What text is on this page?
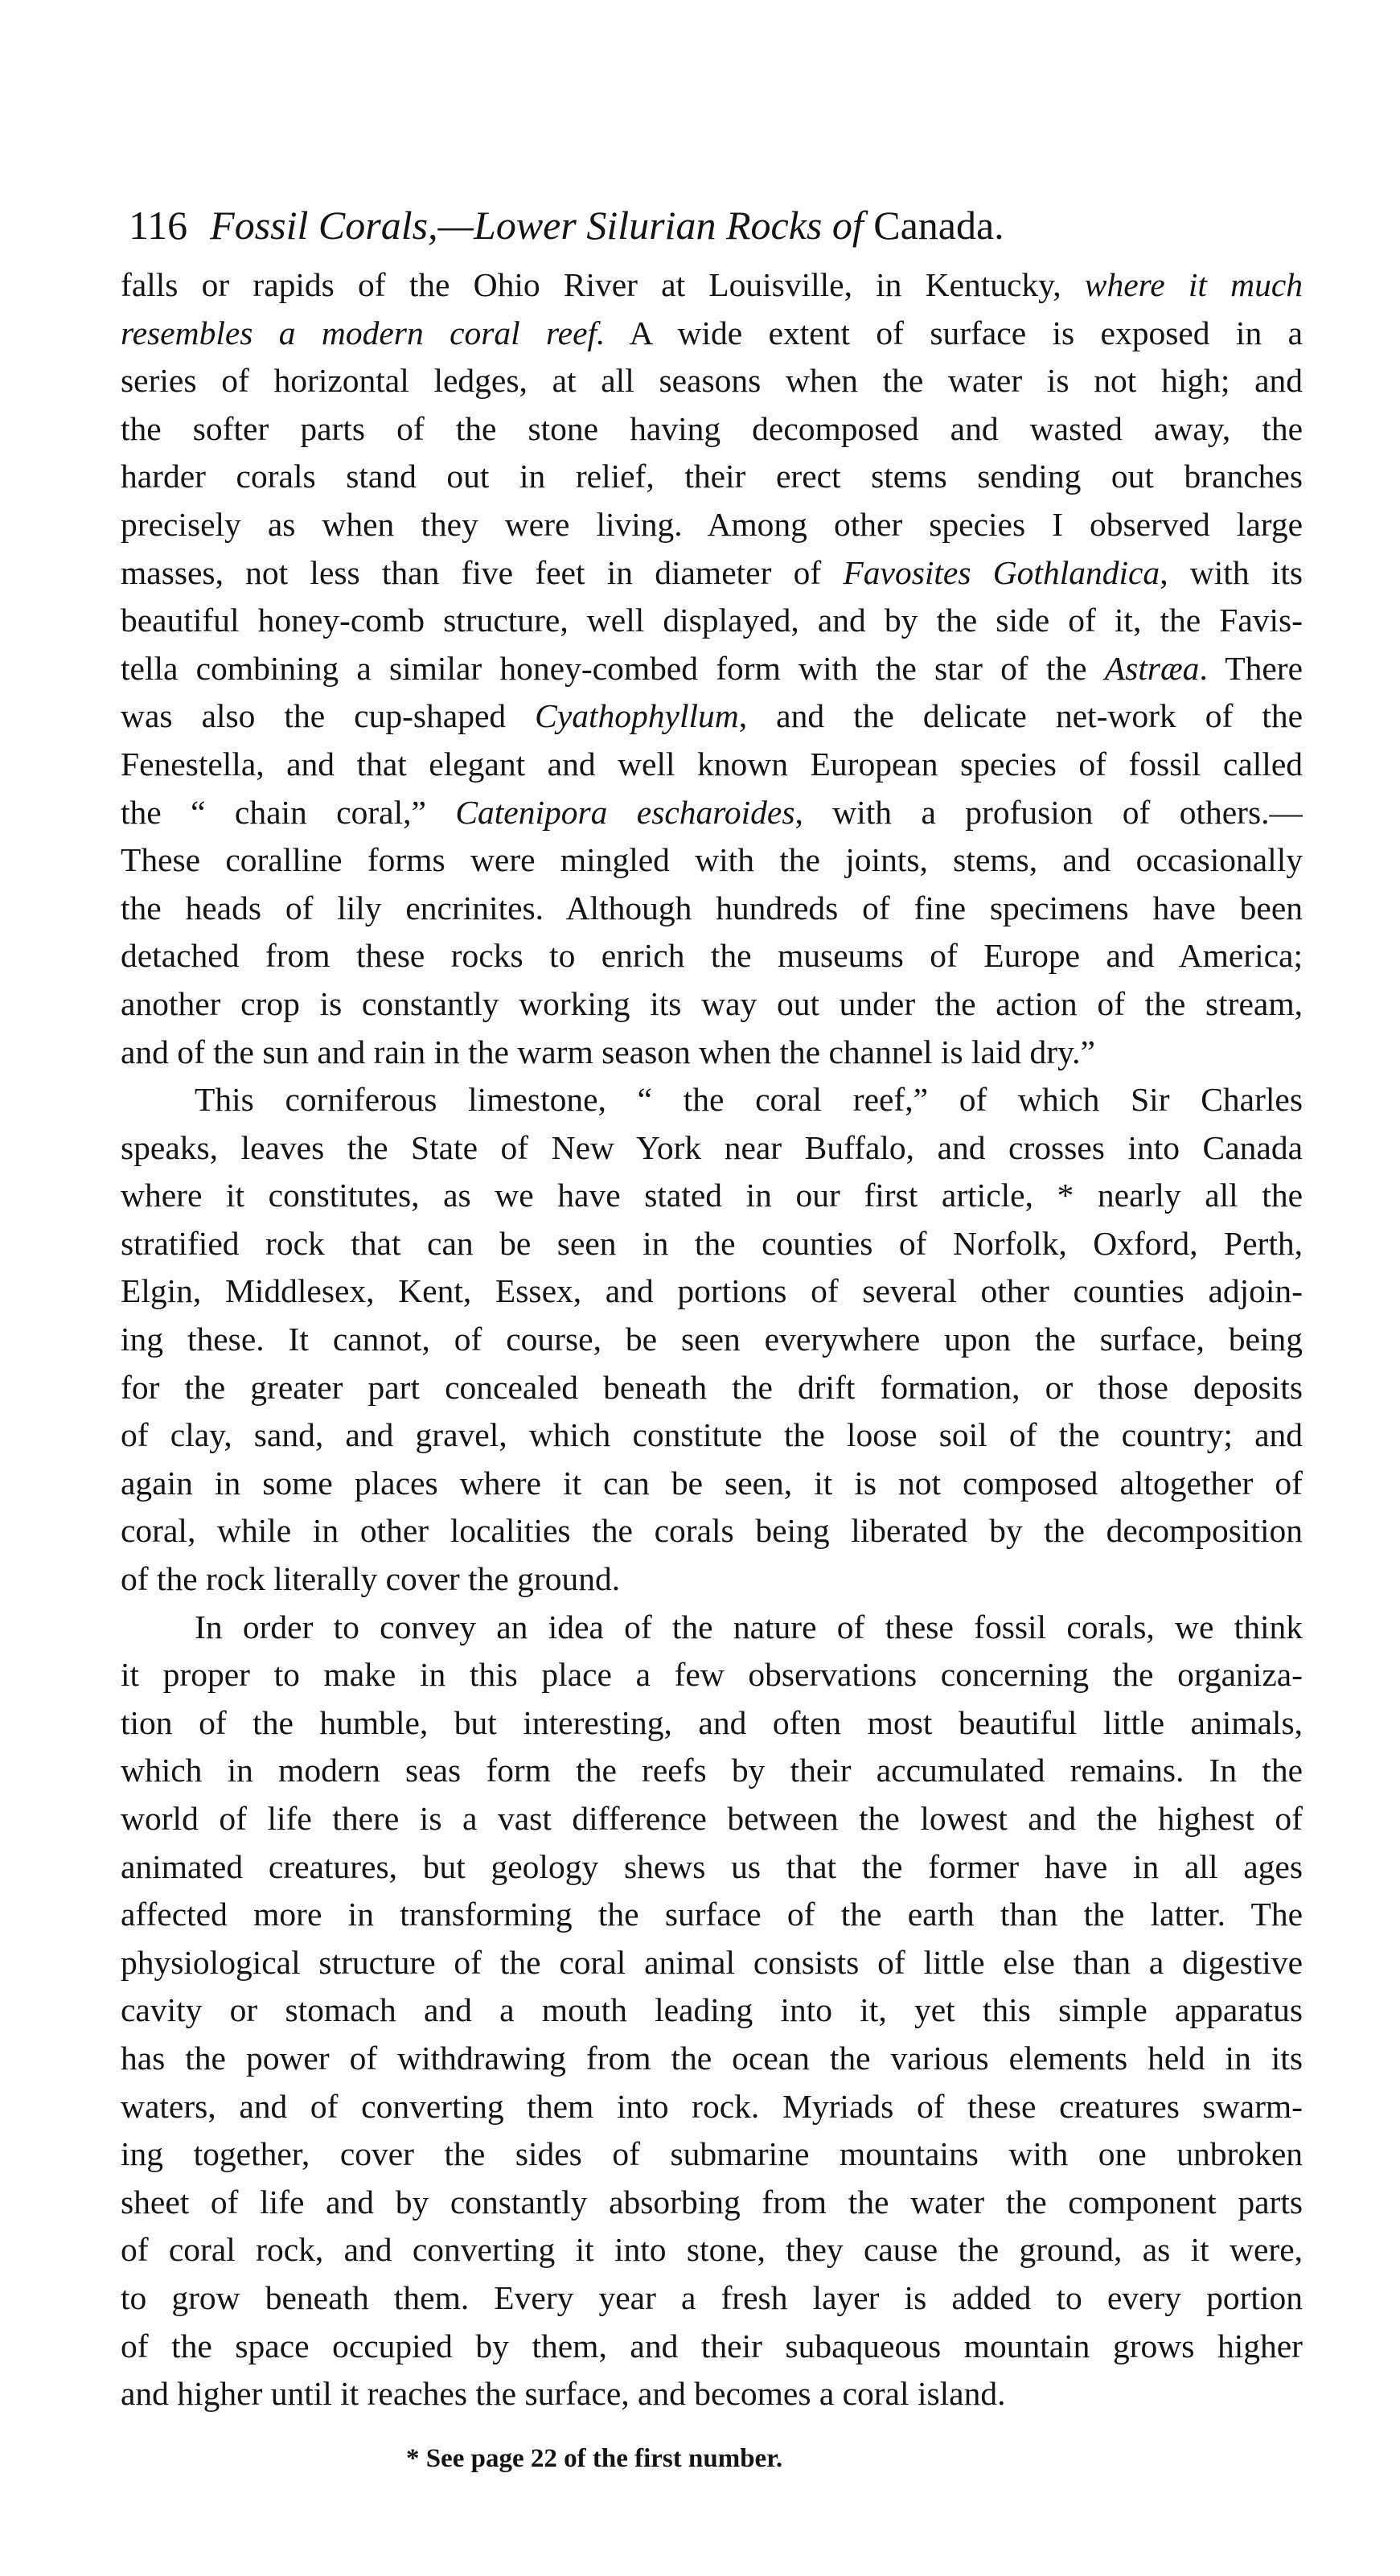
116 Fossil Corals,—Lower Silurian Rocks of Canada.
falls or rapids of the Ohio River at Louisville, in Kentucky, where it much
resembles a modern coral reef. A wide extent of surface is exposed in a
series of horizontal ledges, at all seasons when the water is not high; and
the softer parts of the stone having decomposed and wasted away, the
harder corals stand out in relief, their erect stems sending out branches
precisely as when they were living. Among other species I observed large
masses, not less than five feet in diameter of Favosites Gothlandica, with its
beautiful honey-comb structure, well displayed, and by the side of it, the Favis-
tella combining a similar honey-combed form with the star of the Astræa. There
was also the cup-shaped Cyathophyllum, and the delicate net-work of the
Fenestella, and that elegant and well known European species of fossil called
the “ chain coral,” Catenipora escharoides, with a profusion of others.—
These coralline forms were mingled with the joints, stems, and occasionally
the heads of lily encrinites. Although hundreds of fine specimens have been
detached from these rocks to enrich the museums of Europe and America;
another crop is constantly working its way out under the action of the stream,
and of the sun and rain in the warm season when the channel is laid dry.”
This corniferous limestone, “ the coral reef,” of which Sir Charles
speaks, leaves the State of New York near Buffalo, and crosses into Canada
where it constitutes, as we have stated in our first article, * nearly all the
stratified rock that can be seen in the counties of Norfolk, Oxford, Perth,
Elgin, Middlesex, Kent, Essex, and portions of several other counties adjoin-
ing these. It cannot, of course, be seen everywhere upon the surface, being
for the greater part concealed beneath the drift formation, or those deposits
of clay, sand, and gravel, which constitute the loose soil of the country; and
again in some places where it can be seen, it is not composed altogether of
coral, while in other localities the corals being liberated by the decomposition
of the rock literally cover the ground.
In order to convey an idea of the nature of these fossil corals, we think
it proper to make in this place a few observations concerning the organiza-
tion of the humble, but interesting, and often most beautiful little animals,
which in modern seas form the reefs by their accumulated remains. In the
world of life there is a vast difference between the lowest and the highest of
animated creatures, but geology shews us that the former have in all ages
affected more in transforming the surface of the earth than the latter. The
physiological structure of the coral animal consists of little else than a digestive
cavity or stomach and a mouth leading into it, yet this simple apparatus
has the power of withdrawing from the ocean the various elements held in its
waters, and of converting them into rock. Myriads of these creatures swarm-
ing together, cover the sides of submarine mountains with one unbroken
sheet of life and by constantly absorbing from the water the component parts
of coral rock, and converting it into stone, they cause the ground, as it were,
to grow beneath them. Every year a fresh layer is added to every portion
of the space occupied by them, and their subaqueous mountain grows higher
and higher until it reaches the surface, and becomes a coral island.
* See page 22 of the first number.
